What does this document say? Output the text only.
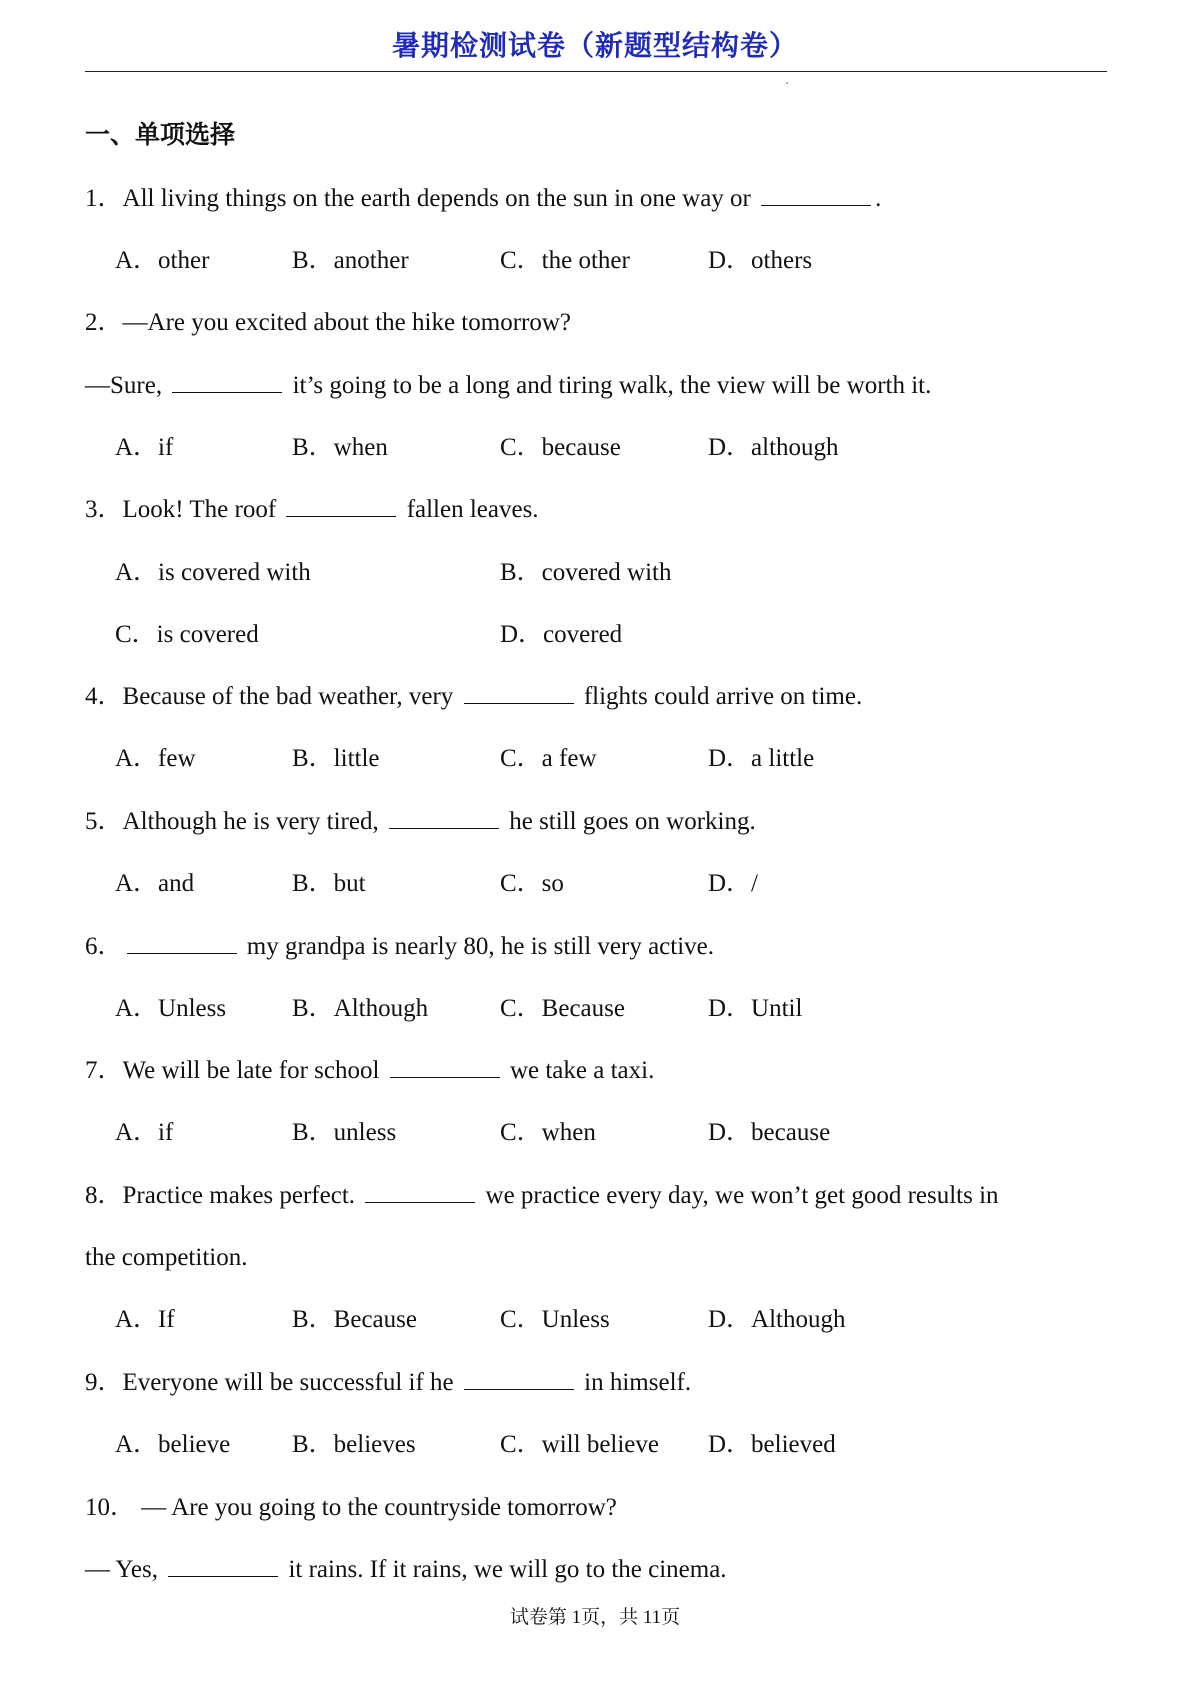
暑期检测试卷（新题型结构卷）
一、单项选择
1．All living things on the earth depends on the sun in one way or	.
A．other	B．another	C．the other	D．others
2．—Are you excited about the hike tomorrow?
—Sure,	it’s going to be a long and tiring walk, the view will be worth it.
A．if	B．when	C．because	D．although
3．Look! The roof	fallen leaves.
A．is covered with	B．covered with
C．is covered	D．covered
4．Because of the bad weather, very	flights could arrive on time.
A．few	B．little	C．a few	D．a little
5．Although he is very tired,	he still goes on working.
A．and	B．but	C．so	D．/
6．	my grandpa is nearly 80, he is still very active.
A．Unless	B．Although	C．Because	D．Until
7．We will be late for school	we take a taxi.
A．if	B．unless	C．when	D．because
8．Practice makes perfect.	we practice every day, we won’t get good results in
the competition.
A．If	B．Because	C．Unless	D．Although
9．Everyone will be successful if he	in himself.
A．believe B．believes	C．will believe D．believed
10． — Are you going to the countryside tomorrow?
— Yes,	it rains. If it rains, we will go to the cinema.
试卷第 1页，共 11页
